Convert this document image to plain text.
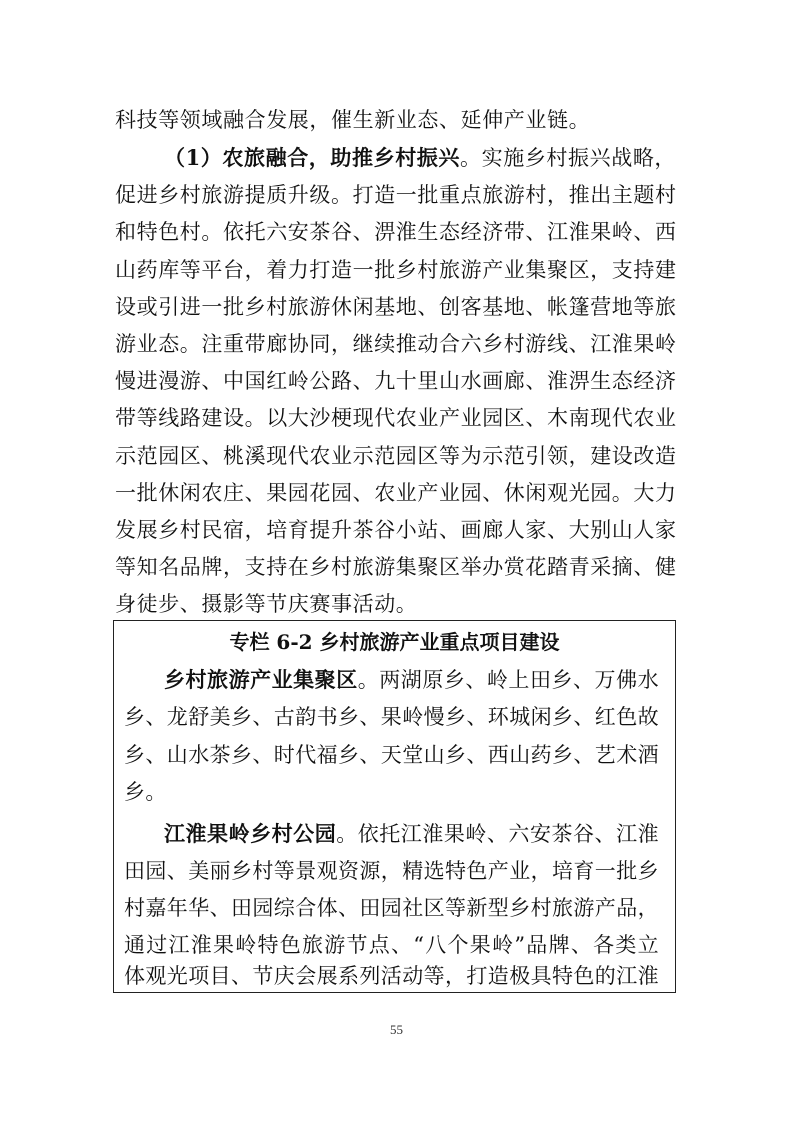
科技等领域融合发展，催生新业态、延伸产业链。
（1）农旅融合，助推乡村振兴。实施乡村振兴战略，
促进乡村旅游提质升级。打造一批重点旅游村，推出主题村
和特色村。依托六安茶谷、淠淮生态经济带、江淮果岭、西
山药库等平台，着力打造一批乡村旅游产业集聚区，支持建
设或引进一批乡村旅游休闲基地、创客基地、帐篷营地等旅
游业态。注重带廊协同，继续推动合六乡村游线、江淮果岭
慢进漫游、中国红岭公路、九十里山水画廊、淮淠生态经济
带等线路建设。以大沙梗现代农业产业园区、木南现代农业
示范园区、桃溪现代农业示范园区等为示范引领，建设改造
一批休闲农庄、果园花园、农业产业园、休闲观光园。大力
发展乡村民宿，培育提升茶谷小站、画廊人家、大别山人家
等知名品牌，支持在乡村旅游集聚区举办赏花踏青采摘、健
身徒步、摄影等节庆赛事活动。
专栏 6-2 乡村旅游产业重点项目建设
乡村旅游产业集聚区。两湖原乡、岭上田乡、万佛水
乡、龙舒美乡、古韵书乡、果岭慢乡、环城闲乡、红色故
乡、山水茶乡、时代福乡、天堂山乡、西山药乡、艺术酒
乡。
江淮果岭乡村公园。依托江淮果岭、六安茶谷、江淮
田园、美丽乡村等景观资源，精选特色产业，培育一批乡
村嘉年华、田园综合体、田园社区等新型乡村旅游产品，
通过江淮果岭特色旅游节点、“八个果岭”品牌、各类立
体观光项目、节庆会展系列活动等，打造极具特色的江淮
55
